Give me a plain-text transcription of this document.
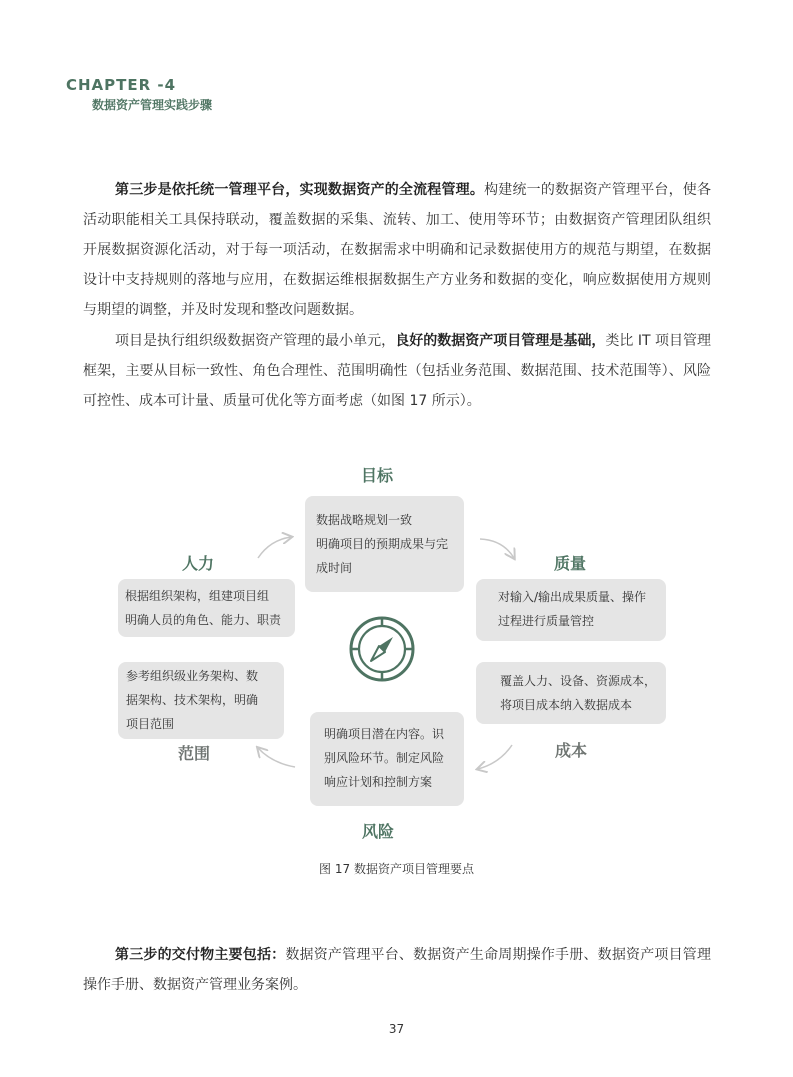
CHAPTER -4
数据资产管理实践步骤

第三步是依托统一管理平台，实现数据资产的全流程管理。构建统一的数据资产管理平台，使各活动职能相关工具保持联动，覆盖数据的采集、流转、加工、使用等环节；由数据资产管理团队组织开展数据资源化活动，对于每一项活动，在数据需求中明确和记录数据使用方的规范与期望，在数据设计中支持规则的落地与应用，在数据运维根据数据生产方业务和数据的变化，响应数据使用方规则与期望的调整，并及时发现和整改问题数据。

项目是执行组织级数据资产管理的最小单元，良好的数据资产项目管理是基础，类比 IT 项目管理框架，主要从目标一致性、角色合理性、范围明确性（包括业务范围、数据范围、技术范围等）、风险可控性、成本可计量、质量可优化等方面考虑（如图 17 所示）。

目标
数据战略规划一致
明确项目的预期成果与完
成时间
人力
根据组织架构，组建项目组
明确人员的角色、能力、职责
质量
对输入/输出成果质量、操作
过程进行质量管控
参考组织级业务架构、数
据架构、技术架构，明确
项目范围
范围
覆盖人力、设备、资源成本，
将项目成本纳入数据成本
成本
明确项目潜在内容。识
别风险环节。制定风险
响应计划和控制方案
风险
图 17 数据资产项目管理要点

第三步的交付物主要包括：数据资产管理平台、数据资产生命周期操作手册、数据资产项目管理操作手册、数据资产管理业务案例。

37
